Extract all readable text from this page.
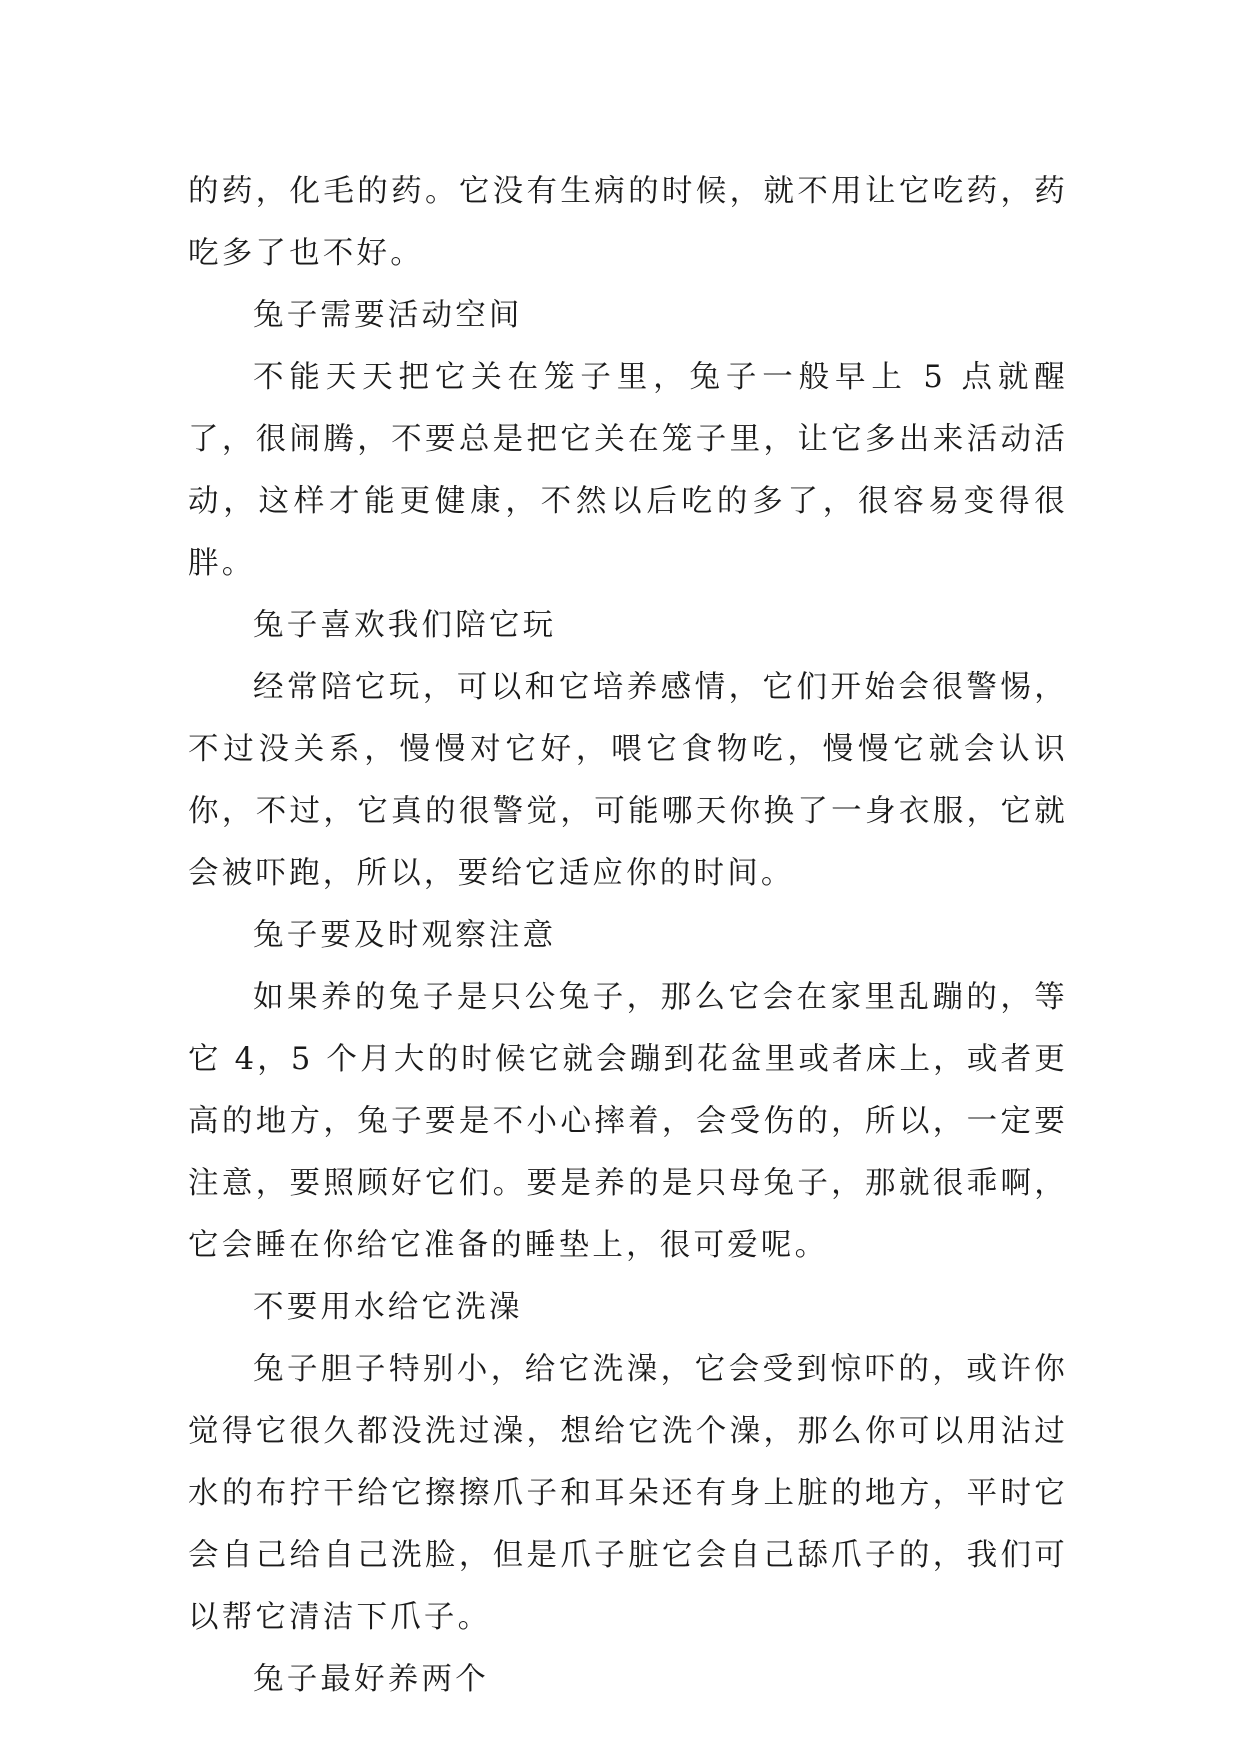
的药，化毛的药。它没有生病的时候，就不用让它吃药，药吃多了也不好。

兔子需要活动空间

不能天天把它关在笼子里，兔子一般早上 5 点就醒了，很闹腾，不要总是把它关在笼子里，让它多出来活动活动，这样才能更健康，不然以后吃的多了，很容易变得很胖。

兔子喜欢我们陪它玩

经常陪它玩，可以和它培养感情，它们开始会很警惕，不过没关系，慢慢对它好，喂它食物吃，慢慢它就会认识你，不过，它真的很警觉，可能哪天你换了一身衣服，它就会被吓跑，所以，要给它适应你的时间。

兔子要及时观察注意

如果养的兔子是只公兔子，那么它会在家里乱蹦的，等它 4，5 个月大的时候它就会蹦到花盆里或者床上，或者更高的地方，兔子要是不小心摔着，会受伤的，所以，一定要注意，要照顾好它们。要是养的是只母兔子，那就很乖啊，它会睡在你给它准备的睡垫上，很可爱呢。

不要用水给它洗澡

兔子胆子特别小，给它洗澡，它会受到惊吓的，或许你觉得它很久都没洗过澡，想给它洗个澡，那么你可以用沾过水的布拧干给它擦擦爪子和耳朵还有身上脏的地方，平时它会自己给自己洗脸，但是爪子脏它会自己舔爪子的，我们可以帮它清洁下爪子。

兔子最好养两个
